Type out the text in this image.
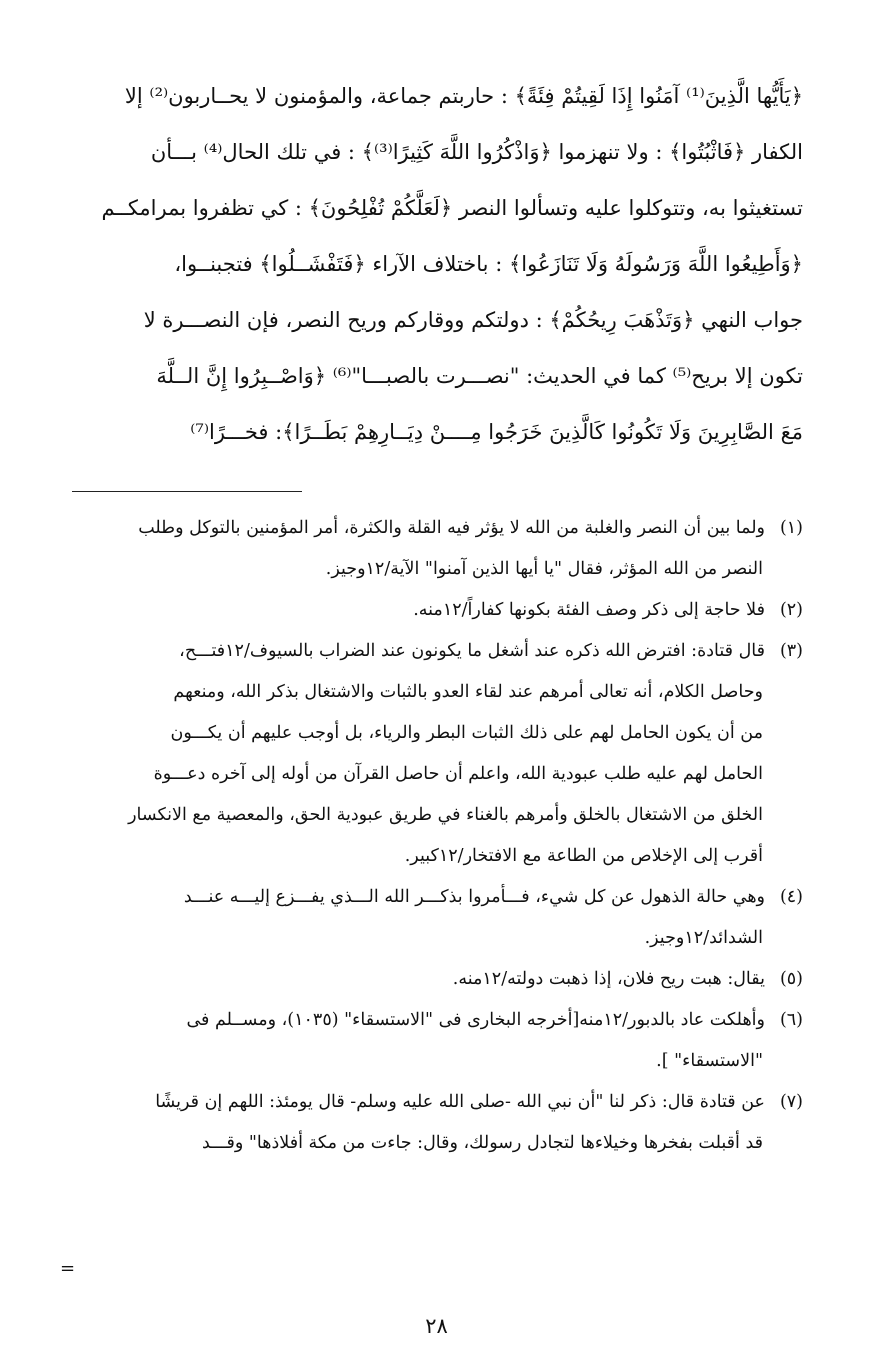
﴿يَأَيُّها الَّذِينَ⁽¹⁾ آمَنُوا إِذَا لَقِيتُمْ فِئَةً﴾ : حاربتم جماعة، والمؤمنون لا يحــاربون⁽²⁾ إلا
الكفار ﴿فَاثْبُتُوا﴾ : ولا تنهزموا ﴿وَاذْكُرُوا اللَّهَ كَثِيرًا⁽³⁾﴾ : في تلك الحال⁽⁴⁾ بـــأن
تستغيثوا به، وتتوكلوا عليه وتسألوا النصر ﴿لَعَلَّكُمْ تُفْلِحُونَ﴾ : كي تظفروا بمرامكــم
﴿وَأَطِيعُوا اللَّهَ وَرَسُولَهُ وَلَا تَنَازَعُوا﴾ : باختلاف الآراء ﴿فَتَفْشَــلُوا﴾ فتجبنــوا،
جواب النهي ﴿وَتَذْهَبَ رِيحُكُمْ﴾ : دولتكم ووقاركم وريح النصر، فإن النصـــرة لا
تكون إلا بريح⁽⁵⁾ كما في الحديث: "نصـــرت بالصبـــا"⁽⁶⁾ ﴿وَاصْــبِرُوا إِنَّ الــلَّهَ
مَعَ الصَّابِرِينَ وَلَا تَكُونُوا كَالَّذِينَ خَرَجُوا مِــــنْ دِيَــارِهِمْ بَطَــرًا﴾: فخـــرًا⁽⁷⁾
(١)ولما بين أن النصر والغلبة من الله لا يؤثر فيه القلة والكثرة، أمر المؤمنين بالتوكل وطلب
النصر من الله المؤثر، فقال "يا أيها الذين آمنوا" الآية/١٢وجيز.
(٢)فلا حاجة إلى ذكر وصف الفئة بكونها كفاراً/١٢منه.
(٣)قال قتادة: افترض الله ذكره عند أشغل ما يكونون عند الضراب بالسيوف/١٢فتـــح،
وحاصل الكلام، أنه تعالى أمرهم عند لقاء العدو بالثبات والاشتغال بذكر الله، ومنعهم
من أن يكون الحامل لهم على ذلك الثبات البطر والرياء، بل أوجب عليهم أن يكـــون
الحامل لهم عليه طلب عبودية الله، واعلم أن حاصل القرآن من أوله إلى آخره دعـــوة
الخلق من الاشتغال بالخلق وأمرهم بالغناء في طريق عبودية الحق، والمعصية مع الانكسار
أقرب إلى الإخلاص من الطاعة مع الافتخار/١٢كبير.
(٤)وهي حالة الذهول عن كل شيء، فـــأمروا بذكـــر الله الـــذي يفـــزع إليـــه عنـــد
الشدائد/١٢وجيز.
(٥)يقال: هبت ريح فلان، إذا ذهبت دولته/١٢منه.
(٦)وأهلكت عاد بالدبور/١٢منه[أخرجه البخارى فى "الاستسقاء" (١٠٣٥)، ومســلم فى
"الاستسقاء" ].
(٧)عن قتادة قال: ذكر لنا "أن نبي الله -صلى الله عليه وسلم- قال يومئذ: اللهم إن قريشًا
قد أقبلت بفخرها وخيلاءها لتجادل رسولك، وقال: جاءت من مكة أفلاذها" وقـــد
=
٢٨
